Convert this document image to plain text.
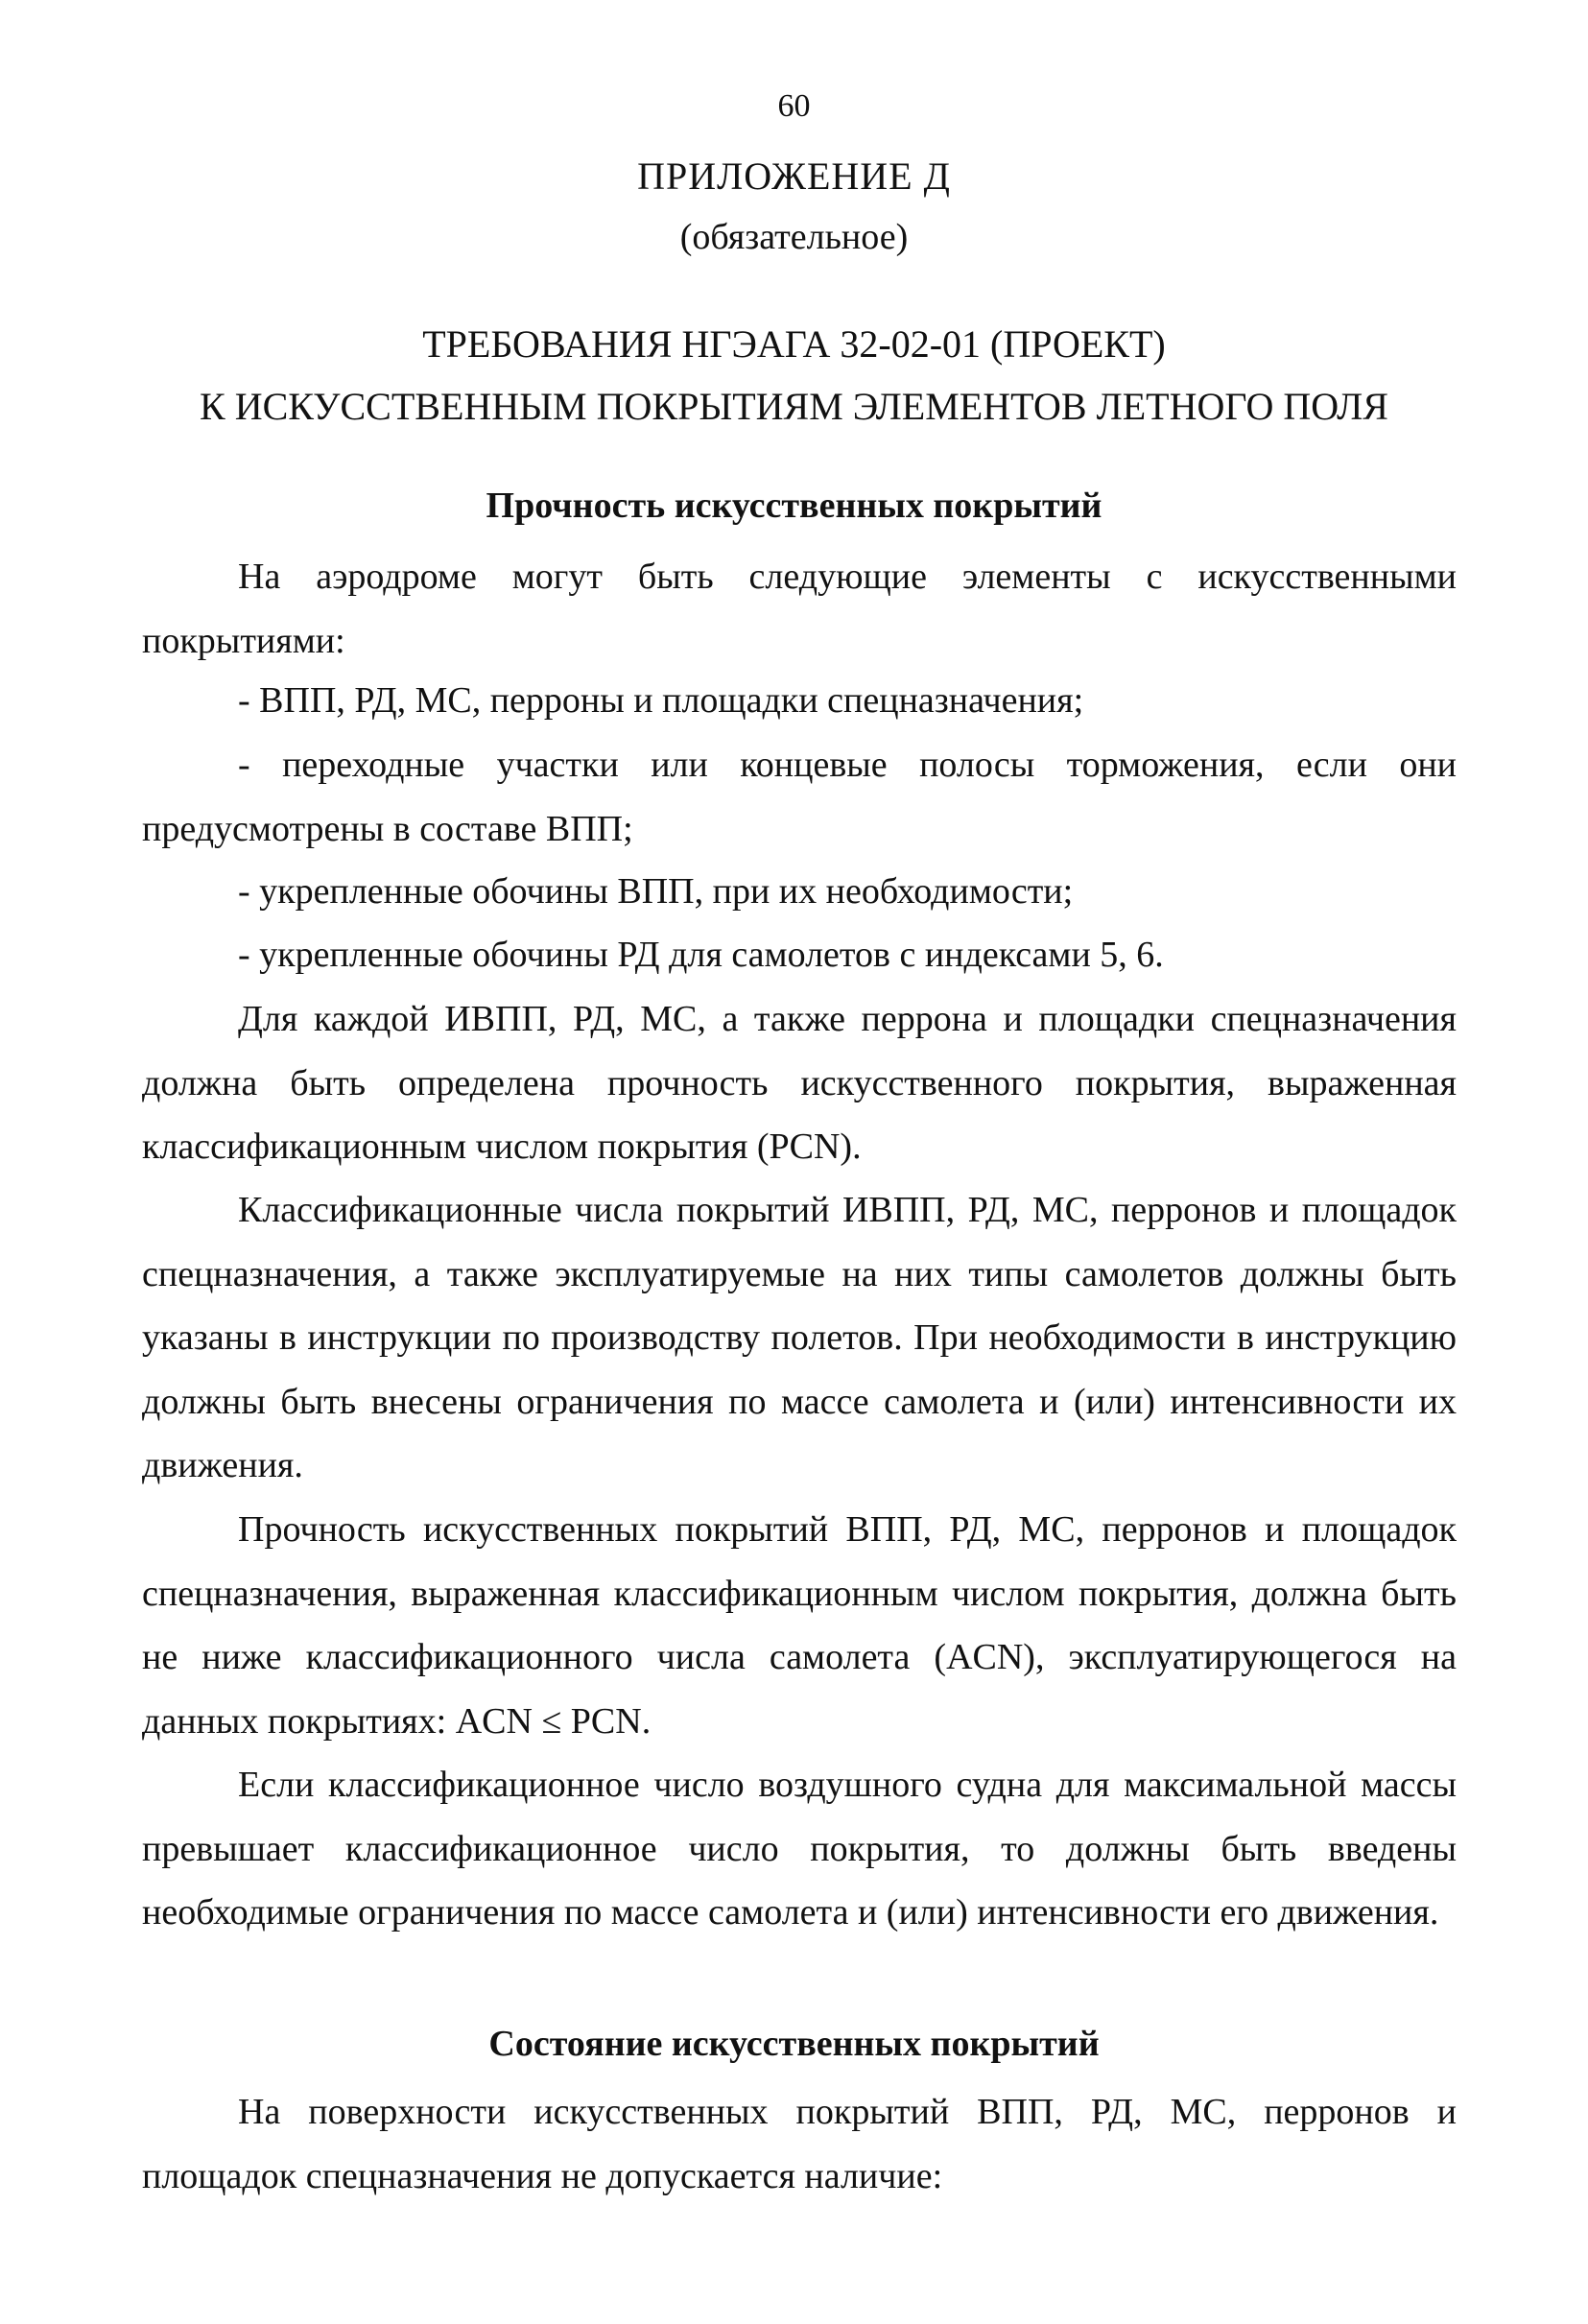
60
ПРИЛОЖЕНИЕ Д
(обязательное)
ТРЕБОВАНИЯ НГЭАГА 32-02-01 (ПРОЕКТ)
К ИСКУССТВЕННЫМ ПОКРЫТИЯМ ЭЛЕМЕНТОВ ЛЕТНОГО ПОЛЯ
Прочность искусственных покрытий

На аэродроме могут быть следующие элементы с искусственными покрытиями:

- ВПП, РД, МС, перроны и площадки спецназначения;

- переходные участки или концевые полосы торможения, если они предусмотрены в составе ВПП;

- укрепленные обочины ВПП, при их необходимости;

- укрепленные обочины РД для самолетов с индексами 5, 6.

Для каждой ИВПП, РД, МС, а также перрона и площадки спецназначения должна быть определена прочность искусственного покрытия, выраженная классификационным числом покрытия (PCN).

Классификационные числа покрытий ИВПП, РД, МС, перронов и площадок спецназначения, а также эксплуатируемые на них типы самолетов должны быть указаны в инструкции по производству полетов. При необходимости в инструкцию должны быть внесены ограничения по массе самолета и (или) интенсивности их движения.

Прочность искусственных покрытий ВПП, РД, МС, перронов и площадок спецназначения, выраженная классификационным числом покрытия, должна быть не ниже классификационного числа самолета (ACN), эксплуатирующегося на данных покрытиях: ACN ≤ PCN.

Если классификационное число воздушного судна для максимальной массы превышает классификационное число покрытия, то должны быть введены необходимые ограничения по массе самолета и (или) интенсивности его движения.

Состояние искусственных покрытий

На поверхности искусственных покрытий ВПП, РД, МС, перронов и площадок спецназначения не допускается наличие:
